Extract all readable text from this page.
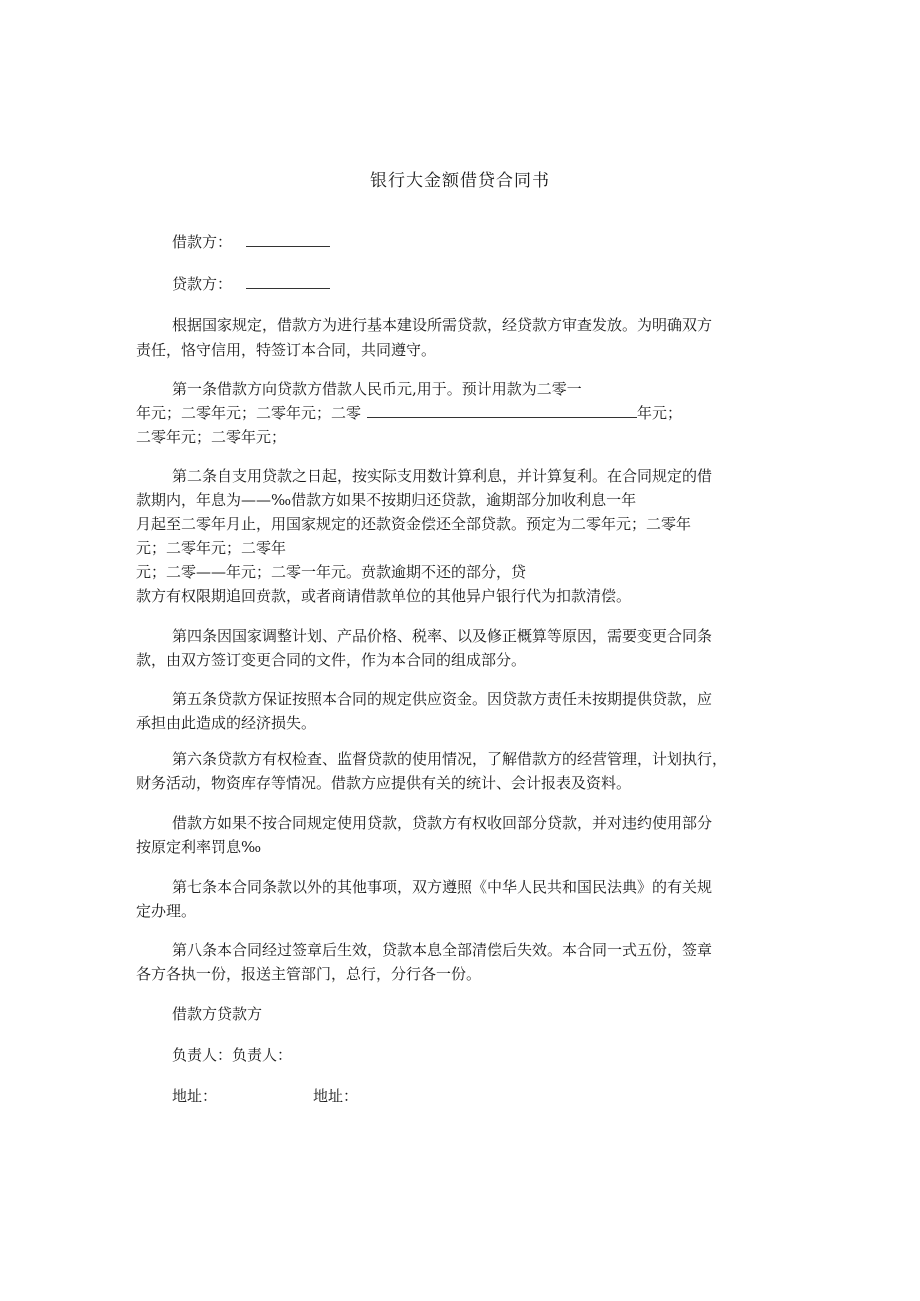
银行大金额借贷合同书
借款方：
贷款方：
根据国家规定，借款方为进行基本建设所需贷款，经贷款方审查发放。为明确双方
责任，恪守信用，特签订本合同，共同遵守。
第一条借款方向贷款方借款人民币元,用于。预计用款为二零一
年元；二零年元；二零年元；二零	年元；
二零年元；二零年元；
第二条自支用贷款之日起，按实际支用数计算利息，并计算复利。在合同规定的借
款期内，年息为——‰借款方如果不按期归还贷款，逾期部分加收利息一年
月起至二零年月止，用国家规定的还款资金偿还全部贷款。预定为二零年元；二零年
元；二零年元；二零年
元；二零——年元；二零一年元。贲款逾期不还的部分，贷
款方有权限期追回贲款，或者商请借款单位的其他异户银行代为扣款清偿。
第四条因国家调整计划、产品价格、税率、以及修正概算等原因，需要变更合同条
款，由双方签订变更合同的文件，作为本合同的组成部分。
第五条贷款方保证按照本合同的规定供应资金。因贷款方责任未按期提供贷款，应
承担由此造成的经济损失。
第六条贷款方有权检查、监督贷款的使用情况，了解借款方的经营管理，计划执行，
财务活动，物资库存等情况。借款方应提供有关的统计、会计报表及资料。
借款方如果不按合同规定使用贷款，贷款方有权收回部分贷款，并对违约使用部分
按原定利率罚息‰
第七条本合同条款以外的其他事项，双方遵照《中华人民共和国民法典》的有关规
定办理。
第八条本合同经过签章后生效，贷款本息全部清偿后失效。本合同一式五份，签章
各方各执一份，报送主管部门，总行，分行各一份。
借款方贷款方
负责人：负责人：
地址：	地址：
